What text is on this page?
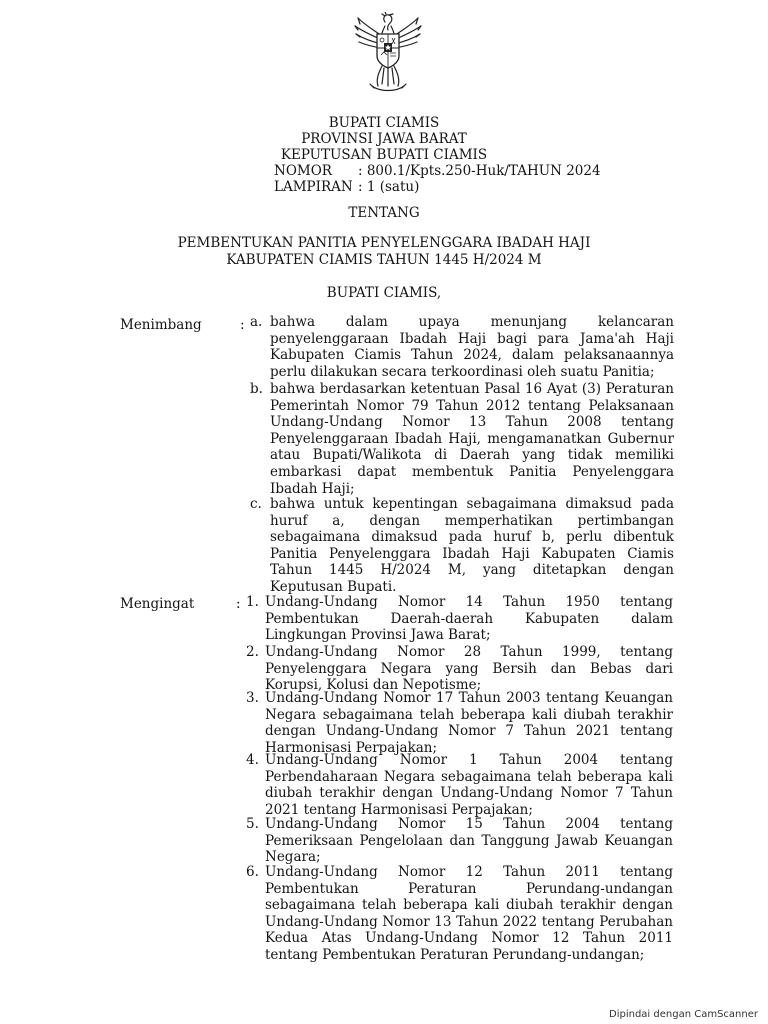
BUPATI CIAMIS
PROVINSI JAWA BARAT
KEPUTUSAN BUPATI CIAMIS
NOMOR : 800.1/Kpts.250-Huk/TAHUN 2024
LAMPIRAN : 1 (satu)
TENTANG
PEMBENTUKAN PANITIA PENYELENGGARA IBADAH HAJI
KABUPATEN CIAMIS TAHUN 1445 H/2024 M
BUPATI CIAMIS,
Menimbang	: a. bahwa dalam upaya menunjang kelancaran penyelenggaraan Ibadah Haji bagi para Jama'ah Haji Kabupaten Ciamis Tahun 2024, dalam pelaksanaannya perlu dilakukan secara terkoordinasi oleh suatu Panitia;
b. bahwa berdasarkan ketentuan Pasal 16 Ayat (3) Peraturan Pemerintah Nomor 79 Tahun 2012 tentang Pelaksanaan Undang-Undang Nomor 13 Tahun 2008 tentang Penyelenggaraan Ibadah Haji, mengamanatkan Gubernur atau Bupati/Walikota di Daerah yang tidak memiliki embarkasi dapat membentuk Panitia Penyelenggara Ibadah Haji;
c. bahwa untuk kepentingan sebagaimana dimaksud pada huruf a, dengan memperhatikan pertimbangan sebagaimana dimaksud pada huruf b, perlu dibentuk Panitia Penyelenggara Ibadah Haji Kabupaten Ciamis Tahun 1445 H/2024 M, yang ditetapkan dengan Keputusan Bupati.
Mengingat	: 1. Undang-Undang Nomor 14 Tahun 1950 tentang Pembentukan Daerah-daerah Kabupaten dalam Lingkungan Provinsi Jawa Barat;
2. Undang-Undang Nomor 28 Tahun 1999, tentang Penyelenggara Negara yang Bersih dan Bebas dari Korupsi, Kolusi dan Nepotisme;
3. Undang-Undang Nomor 17 Tahun 2003 tentang Keuangan Negara sebagaimana telah beberapa kali diubah terakhir dengan Undang-Undang Nomor 7 Tahun 2021 tentang Harmonisasi Perpajakan;
4. Undang-Undang Nomor 1 Tahun 2004 tentang Perbendaharaan Negara sebagaimana telah beberapa kali diubah terakhir dengan Undang-Undang Nomor 7 Tahun 2021 tentang Harmonisasi Perpajakan;
5. Undang-Undang Nomor 15 Tahun 2004 tentang Pemeriksaan Pengelolaan dan Tanggung Jawab Keuangan Negara;
6. Undang-Undang Nomor 12 Tahun 2011 tentang Pembentukan Peraturan Perundang-undangan sebagaimana telah beberapa kali diubah terakhir dengan Undang-Undang Nomor 13 Tahun 2022 tentang Perubahan Kedua Atas Undang-Undang Nomor 12 Tahun 2011 tentang Pembentukan Peraturan Perundang-undangan;
Dipindai dengan CamScanner
